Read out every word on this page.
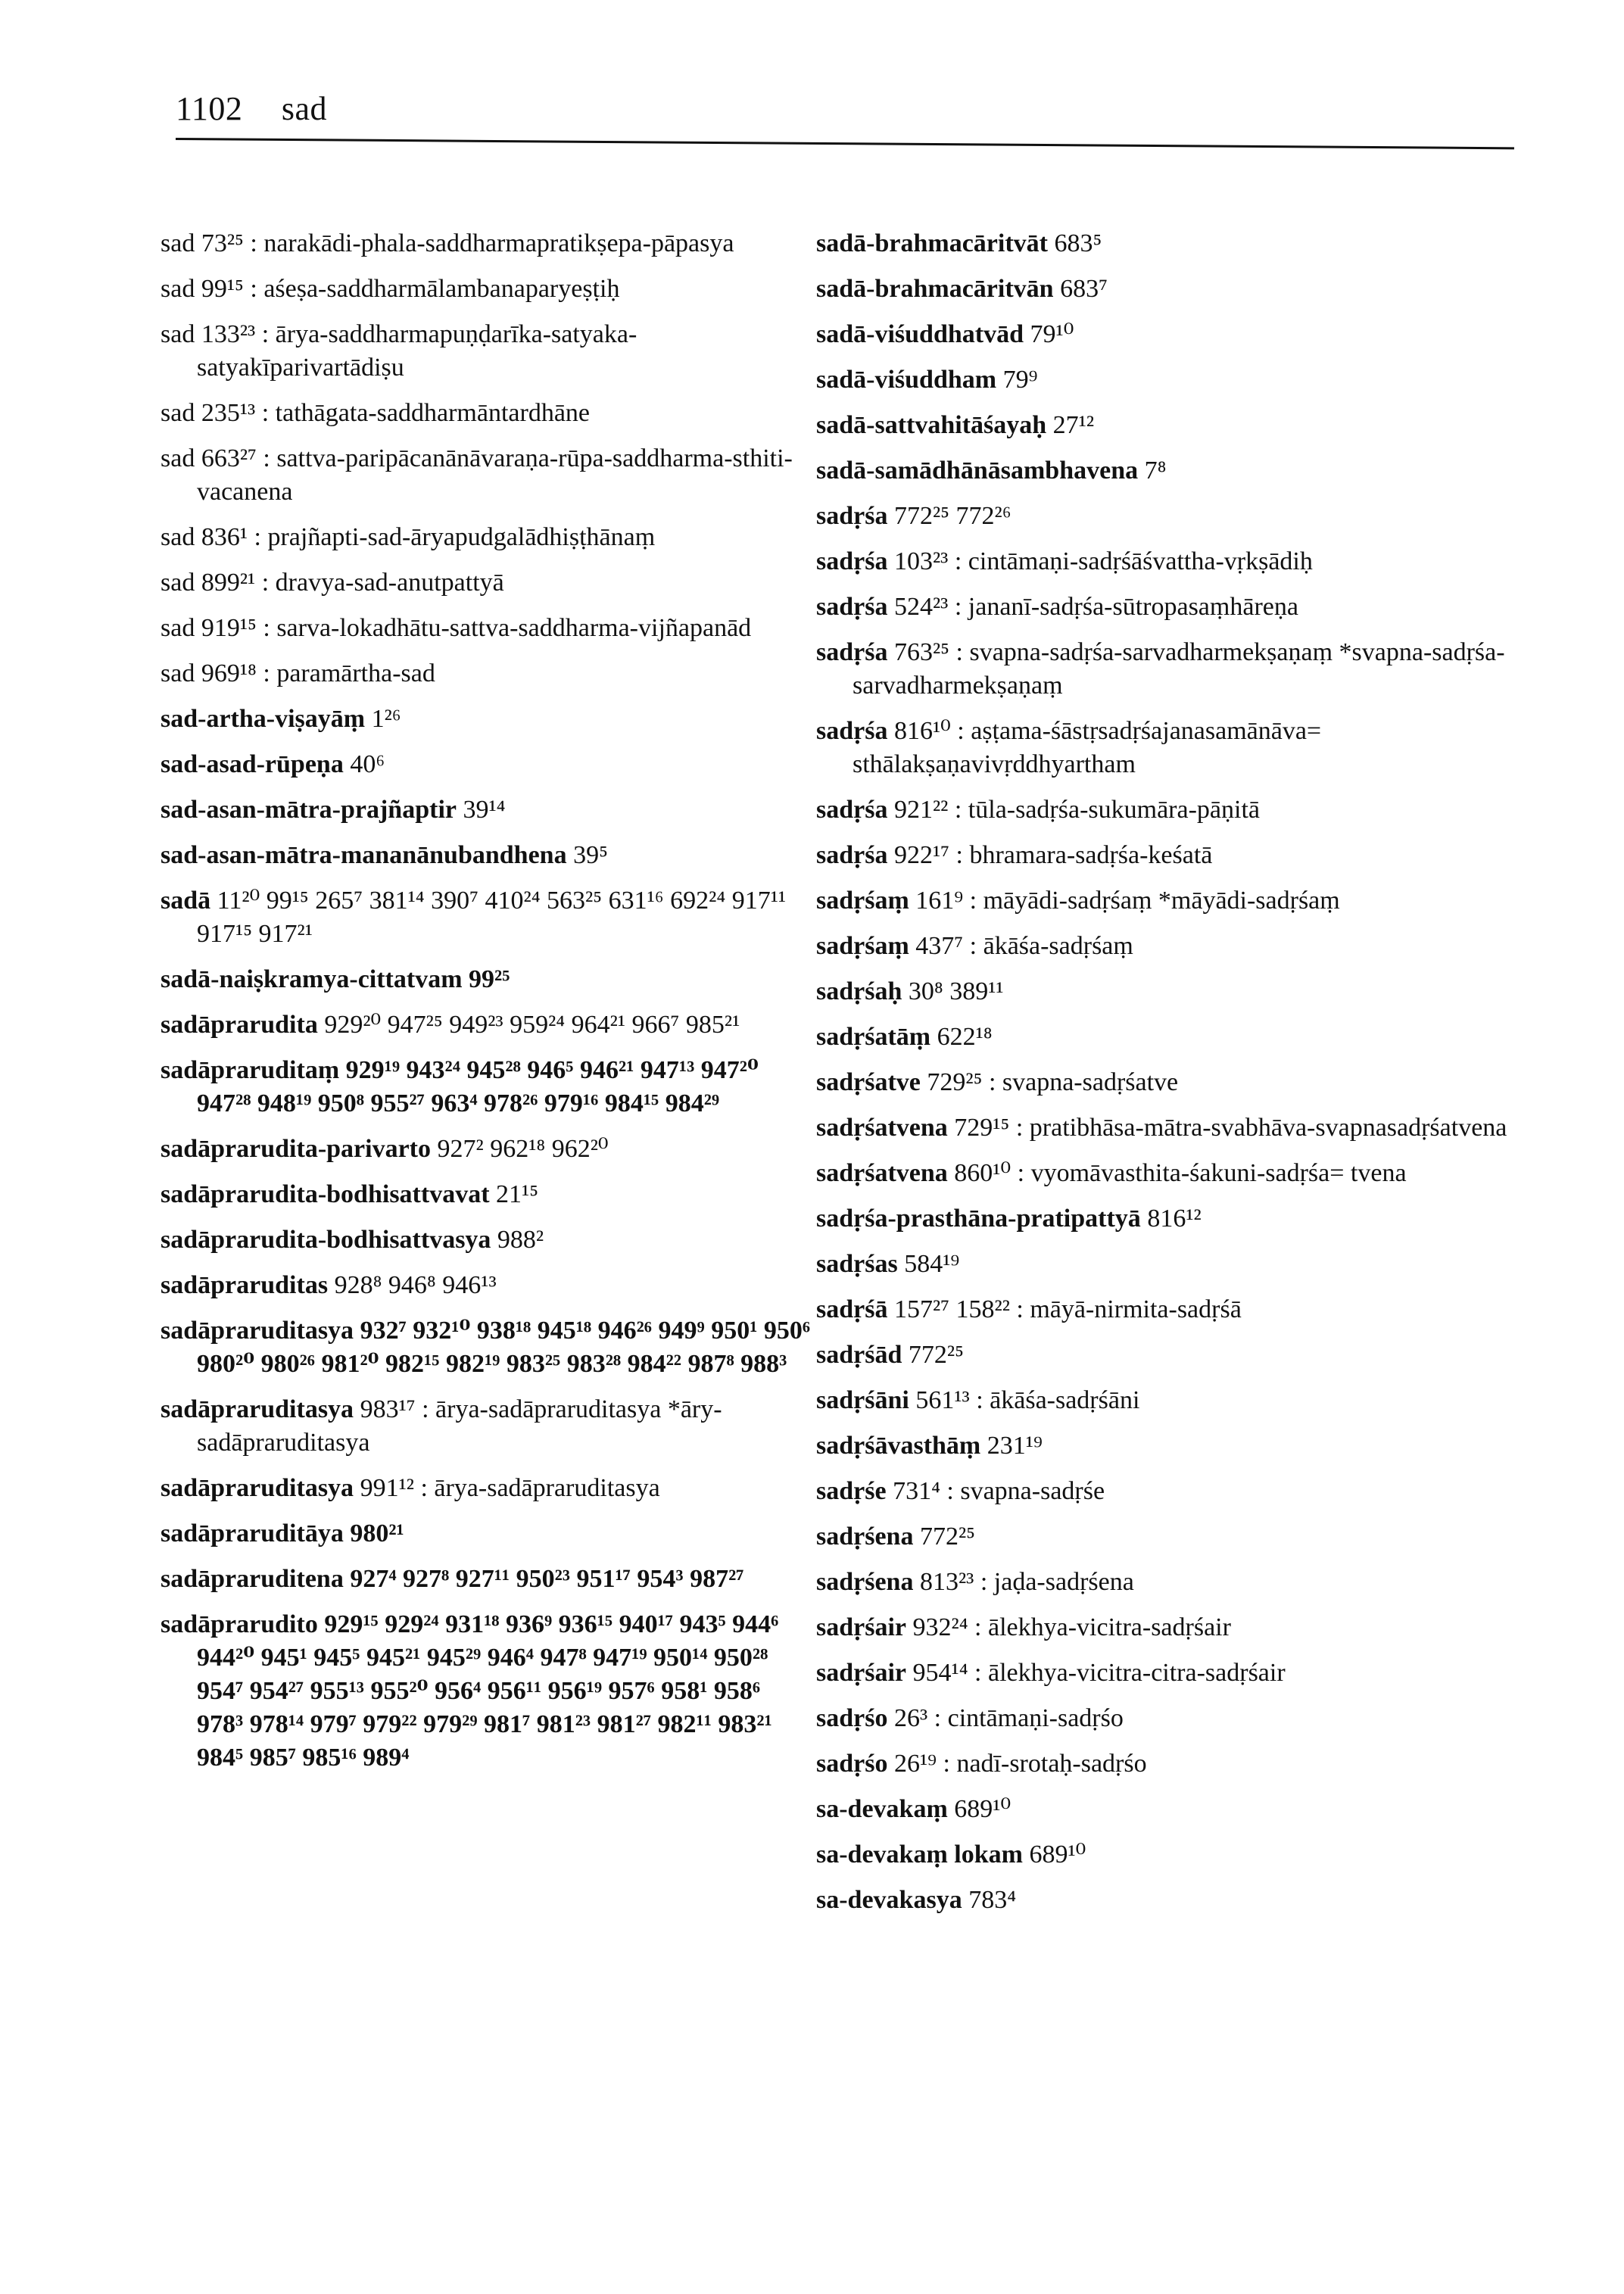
1102 sad

sad 73²⁵ : narakādi-phala-saddharmapratikṣepa-pāpasya

sad 99¹⁵ : aśeṣa-saddharmālambanaparyeṣṭiḥ

sad 133²³ : ārya-saddharmapuṇḍarīka-satyaka-satyakīparivartādiṣu

sad 235¹³ : tathāgata-saddharmāntardhāne

sad 663²⁷ : sattva-paripācanānāvaraṇa-rūpa-saddharma-sthiti-vacanena

sad 836¹ : prajñapti-sad-āryapudgalādhiṣṭhānaṃ

sad 899²¹ : dravya-sad-anutpattyā

sad 919¹⁵ : sarva-lokadhātu-sattva-saddharma-vijñapanād

sad 969¹⁸ : paramārtha-sad

sad-artha-viṣayāṃ 1²⁶

sad-asad-rūpeṇa 40⁶

sad-asan-mātra-prajñaptir 39¹⁴

sad-asan-mātra-mananānubandhena 39⁵

sadā 11²⁰ 99¹⁵ 265⁷ 381¹⁴ 390⁷ 410²⁴ 563²⁵ 631¹⁶ 692²⁴ 917¹¹ 917¹⁵ 917²¹

sadā-naiṣkramya-cittatvam 99²⁵

sadāprarudita 929²⁰ 947²⁵ 949²³ 959²⁴ 964²¹ 966⁷ 985²¹

sadāpraruditaṃ 929¹⁹ 943²⁴ 945²⁸ 946⁵ 946²¹ 947¹³ 947²⁰ 947²⁸ 948¹⁹ 950⁸ 955²⁷ 963⁴ 978²⁶ 979¹⁶ 984¹⁵ 984²⁹

sadāprarudita-parivarto 927² 962¹⁸ 962²⁰

sadāprarudita-bodhisattvavat 21¹⁵

sadāprarudita-bodhisattvasya 988²

sadāpraruditas 928⁸ 946⁸ 946¹³

sadāpraruditasya 932⁷ 932¹⁰ 938¹⁸ 945¹⁸ 946²⁶ 949⁹ 950¹ 950⁶ 980²⁰ 980²⁶ 981²⁰ 982¹⁵ 982¹⁹ 983²⁵ 983²⁸ 984²² 987⁸ 988³

sadāpraruditasya 983¹⁷ : ārya-sadāpraruditasya *āry-sadāpraruditasya

sadāpraruditasya 991¹² : ārya-sadāpraruditasya

sadāpraruditāya 980²¹

sadāpraruditena 927⁴ 927⁸ 927¹¹ 950²³ 951¹⁷ 954³ 987²⁷

sadāprarudito 929¹⁵ 929²⁴ 931¹⁸ 936⁹ 936¹⁵ 940¹⁷ 943⁵ 944⁶ 944²⁰ 945¹ 945⁵ 945²¹ 945²⁹ 946⁴ 947⁸ 947¹⁹ 950¹⁴ 950²⁸ 954⁷ 954²⁷ 955¹³ 955²⁰ 956⁴ 956¹¹ 956¹⁹ 957⁶ 958¹ 958⁶ 978³ 978¹⁴ 979⁷ 979²² 979²⁹ 981⁷ 981²³ 981²⁷ 982¹¹ 983²¹ 984⁵ 985⁷ 985¹⁶ 989⁴

sadā-brahmacāritvāt 683⁵

sadā-brahmacāritvān 683⁷

sadā-viśuddhatvād 79¹⁰

sadā-viśuddham 79⁹

sadā-sattvahitāśayaḥ 27¹²

sadā-samādhānāsambhavena 7⁸

sadṛśa 772²⁵ 772²⁶

sadṛśa 103²³ : cintāmaṇi-sadṛśāśvattha-vṛkṣādiḥ

sadṛśa 524²³ : jananī-sadṛśa-sūtropasaṃhāreṇa

sadṛśa 763²⁵ : svapna-sadṛśa-sarvadharmekṣaṇaṃ *svapna-sadṛśa-sarvadharmekṣaṇaṃ

sadṛśa 816¹⁰ : aṣṭama-śāstṛsadṛśajanasamānāva= sthālakṣaṇavivṛddhyartham

sadṛśa 921²² : tūla-sadṛśa-sukumāra-pāṇitā

sadṛśa 922¹⁷ : bhramara-sadṛśa-keśatā

sadṛśaṃ 161⁹ : māyādi-sadṛśaṃ *māyādi-sadṛśaṃ

sadṛśaṃ 437⁷ : ākāśa-sadṛśaṃ

sadṛśaḥ 30⁸ 389¹¹

sadṛśatāṃ 622¹⁸

sadṛśatve 729²⁵ : svapna-sadṛśatve

sadṛśatvena 729¹⁵ : pratibhāsa-mātra-svabhāva-svapnasadṛśatvena

sadṛśatvena 860¹⁰ : vyomāvasthita-śakuni-sadṛśa= tvena

sadṛśa-prasthāna-pratipattyā 816¹²

sadṛśas 584¹⁹

sadṛśā 157²⁷ 158²² : māyā-nirmita-sadṛśā

sadṛśād 772²⁵

sadṛśāni 561¹³ : ākāśa-sadṛśāni

sadṛśāvasthāṃ 231¹⁹

sadṛśe 731⁴ : svapna-sadṛśe

sadṛśena 772²⁵

sadṛśena 813²³ : jaḍa-sadṛśena

sadṛśair 932²⁴ : ālekhya-vicitra-sadṛśair

sadṛśair 954¹⁴ : ālekhya-vicitra-citra-sadṛśair

sadṛśo 26³ : cintāmaṇi-sadṛśo

sadṛśo 26¹⁹ : nadī-srotaḥ-sadṛśo

sa-devakaṃ 689¹⁰

sa-devakaṃ lokam 689¹⁰

sa-devakasya 783⁴
